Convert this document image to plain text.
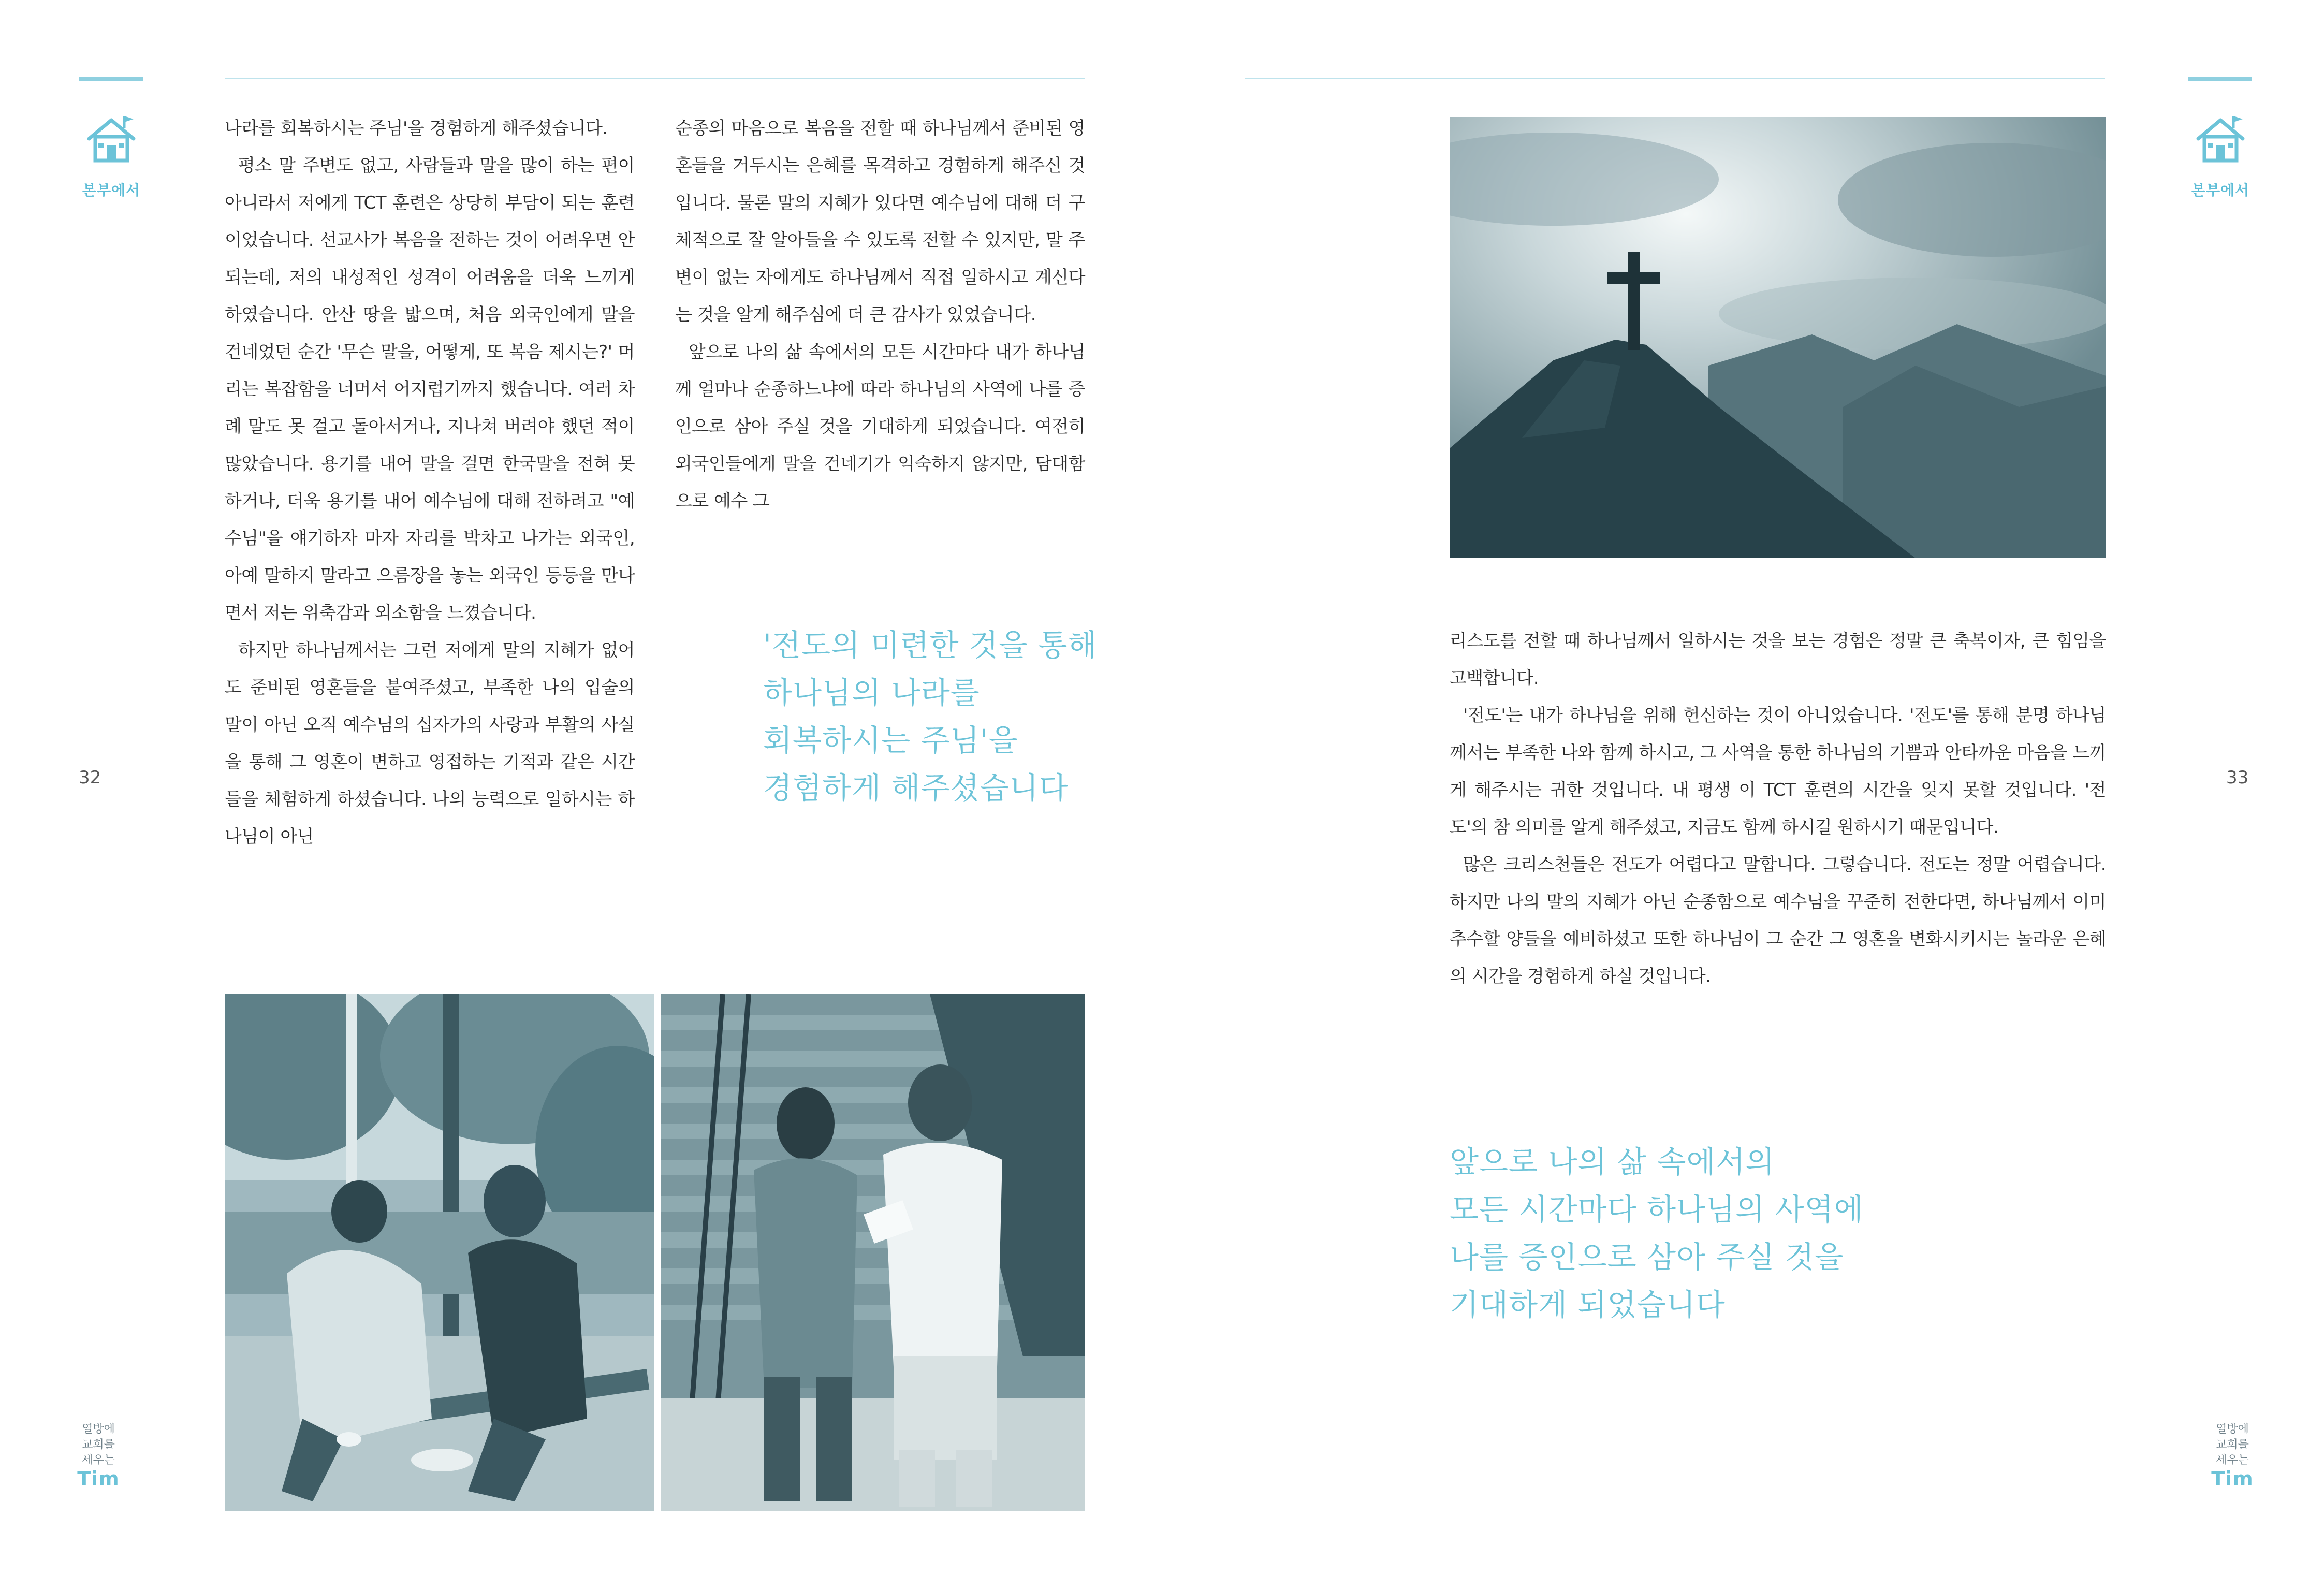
본부에서
32

나라를 회복하시는 주님'을 경험하게 해주셨습니다.

평소 말 주변도 없고, 사람들과 말을 많이 하는 편이 아니라서 저에게 TCT 훈련은 상당히 부담이 되는 훈련이었습니다. 선교사가 복음을 전하는 것이 어려우면 안되는데, 저의 내성적인 성격이 어려움을 더욱 느끼게 하였습니다. 안산 땅을 밟으며, 처음 외국인에게 말을 건네었던 순간 '무슨 말을, 어떻게, 또 복음 제시는?' 머리는 복잡함을 너머서 어지럽기까지 했습니다. 여러 차례 말도 못 걸고 돌아서거나, 지나쳐 버려야 했던 적이 많았습니다. 용기를 내어 말을 걸면 한국말을 전혀 못하거나, 더욱 용기를 내어 예수님에 대해 전하려고 "예수님"을 얘기하자 마자 자리를 박차고 나가는 외국인, 아예 말하지 말라고 으름장을 놓는 외국인 등등을 만나면서 저는 위축감과 외소함을 느꼈습니다.

하지만 하나님께서는 그런 저에게 말의 지혜가 없어도 준비된 영혼들을 붙여주셨고, 부족한 나의 입술의 말이 아닌 오직 예수님의 십자가의 사랑과 부활의 사실을 통해 그 영혼이 변하고 영접하는 기적과 같은 시간들을 체험하게 하셨습니다. 나의 능력으로 일하시는 하나님이 아닌

순종의 마음으로 복음을 전할 때 하나님께서 준비된 영혼들을 거두시는 은혜를 목격하고 경험하게 해주신 것입니다. 물론 말의 지혜가 있다면 예수님에 대해 더 구체적으로 잘 알아들을 수 있도록 전할 수 있지만, 말 주변이 없는 자에게도 하나님께서 직접 일하시고 계신다는 것을 알게 해주심에 더 큰 감사가 있었습니다.

앞으로 나의 삶 속에서의 모든 시간마다 내가 하나님께 얼마나 순종하느냐에 따라 하나님의 사역에 나를 증인으로 삼아 주실 것을 기대하게 되었습니다. 여전히 외국인들에게 말을 건네기가 익숙하지 않지만, 담대함으로 예수 그

'전도의 미련한 것을 통해
하나님의 나라를
회복하시는 주님'을
경험하게 해주셨습니다
열방에
교회를
세우는
Tim
본부에서
33

리스도를 전할 때 하나님께서 일하시는 것을 보는 경험은 정말 큰 축복이자, 큰 힘임을 고백합니다.

'전도'는 내가 하나님을 위해 헌신하는 것이 아니었습니다. '전도'를 통해 분명 하나님께서는 부족한 나와 함께 하시고, 그 사역을 통한 하나님의 기쁨과 안타까운 마음을 느끼게 해주시는 귀한 것입니다. 내 평생 이 TCT 훈련의 시간을 잊지 못할 것입니다. '전도'의 참 의미를 알게 해주셨고, 지금도 함께 하시길 원하시기 때문입니다.

많은 크리스천들은 전도가 어렵다고 말합니다. 그렇습니다. 전도는 정말 어렵습니다. 하지만 나의 말의 지혜가 아닌 순종함으로 예수님을 꾸준히 전한다면, 하나님께서 이미 추수할 양들을 예비하셨고 또한 하나님이 그 순간 그 영혼을 변화시키시는 놀라운 은혜의 시간을 경험하게 하실 것입니다.

앞으로 나의 삶 속에서의
모든 시간마다 하나님의 사역에
나를 증인으로 삼아 주실 것을
기대하게 되었습니다
열방에
교회를
세우는
Tim
